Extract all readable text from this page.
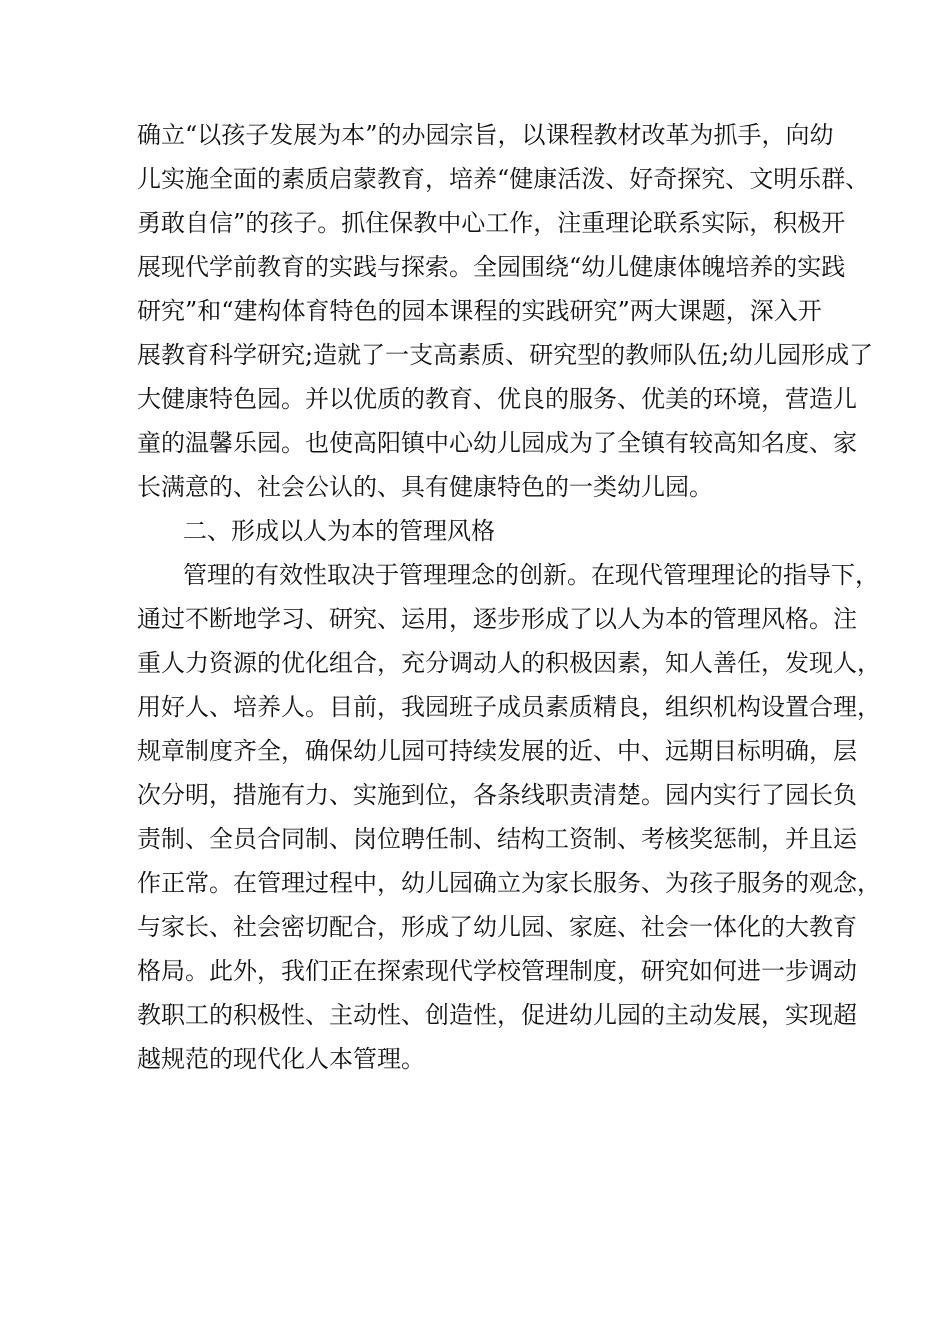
确立“以孩子发展为本”的办园宗旨，以课程教材改革为抓手，向幼
儿实施全面的素质启蒙教育，培养“健康活泼、好奇探究、文明乐群、
勇敢自信”的孩子。抓住保教中心工作，注重理论联系实际，积极开
展现代学前教育的实践与探索。全园围绕“幼儿健康体魄培养的实践
研究”和“建构体育特色的园本课程的实践研究”两大课题，深入开
展教育科学研究;造就了一支高素质、研究型的教师队伍;幼儿园形成了
大健康特色园。并以优质的教育、优良的服务、优美的环境，营造儿
童的温馨乐园。也使高阳镇中心幼儿园成为了全镇有较高知名度、家
长满意的、社会公认的、具有健康特色的一类幼儿园。
二、形成以人为本的管理风格
管理的有效性取决于管理理念的创新。在现代管理理论的指导下，
通过不断地学习、研究、运用，逐步形成了以人为本的管理风格。注
重人力资源的优化组合，充分调动人的积极因素，知人善任，发现人，
用好人、培养人。目前，我园班子成员素质精良，组织机构设置合理，
规章制度齐全，确保幼儿园可持续发展的近、中、远期目标明确，层
次分明，措施有力、实施到位，各条线职责清楚。园内实行了园长负
责制、全员合同制、岗位聘任制、结构工资制、考核奖惩制，并且运
作正常。在管理过程中，幼儿园确立为家长服务、为孩子服务的观念，
与家长、社会密切配合，形成了幼儿园、家庭、社会一体化的大教育
格局。此外，我们正在探索现代学校管理制度，研究如何进一步调动
教职工的积极性、主动性、创造性，促进幼儿园的主动发展，实现超
越规范的现代化人本管理。
